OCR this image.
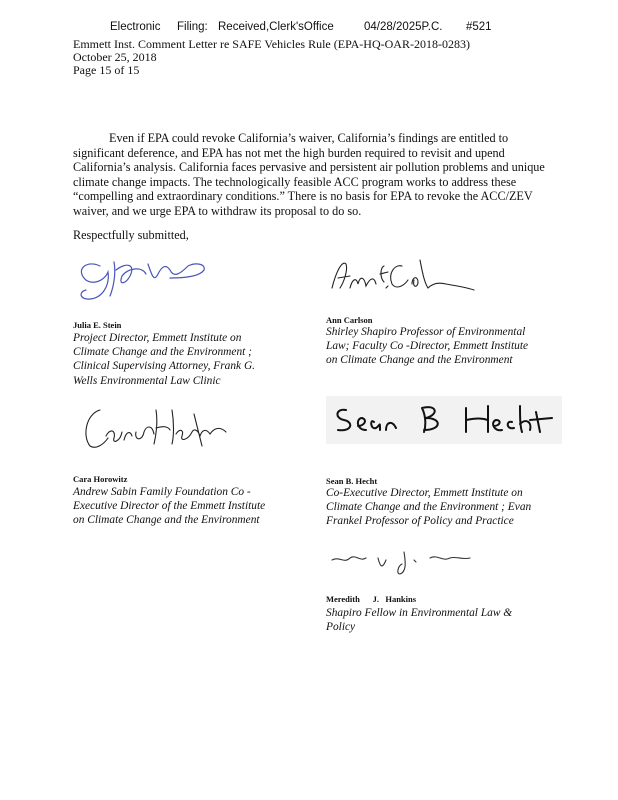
Electronic Filing: Received,Clerk'sOffice	04/28/2025P.C. #521
Emmett Inst. Comment Letter re SAFE Vehicles Rule (EPA-HQ-OAR-2018-0283)
October 25, 2018
Page 15 of 15

Even if EPA could revoke California’s waiver, California’s findings are entitled to significant deference, and EPA has not met the high burden required to revisit and upend California’s analysis. California faces pervasive and persistent air pollution problems and unique climate change impacts. The technologically feasible ACC program works to address these “compelling and extraordinary conditions.” There is no basis for EPA to revoke the ACC/ZEV waiver, and we urge EPA to withdraw its proposal to do so.

Respectfully submitted,
Julia E. Stein
Project Director, Emmett Institute on
Climate Change and the Environment ;
Clinical Supervising Attorney, Frank G.
Wells Environmental Law Clinic
Ann Carlson
Shirley Shapiro Professor of Environmental
Law; Faculty Co -Director, Emmett Institute
on Climate Change and the Environment
Cara Horowitz
Andrew Sabin Family Foundation Co -
Executive Director of the Emmett Institute
on Climate Change and the Environment
Sean B. Hecht
Co-Executive Director, Emmett Institute on
Climate Change and the Environment ; Evan
Frankel Professor of Policy and Practice
Meredith      J.   Hankins
Shapiro Fellow in Environmental Law &
Policy
